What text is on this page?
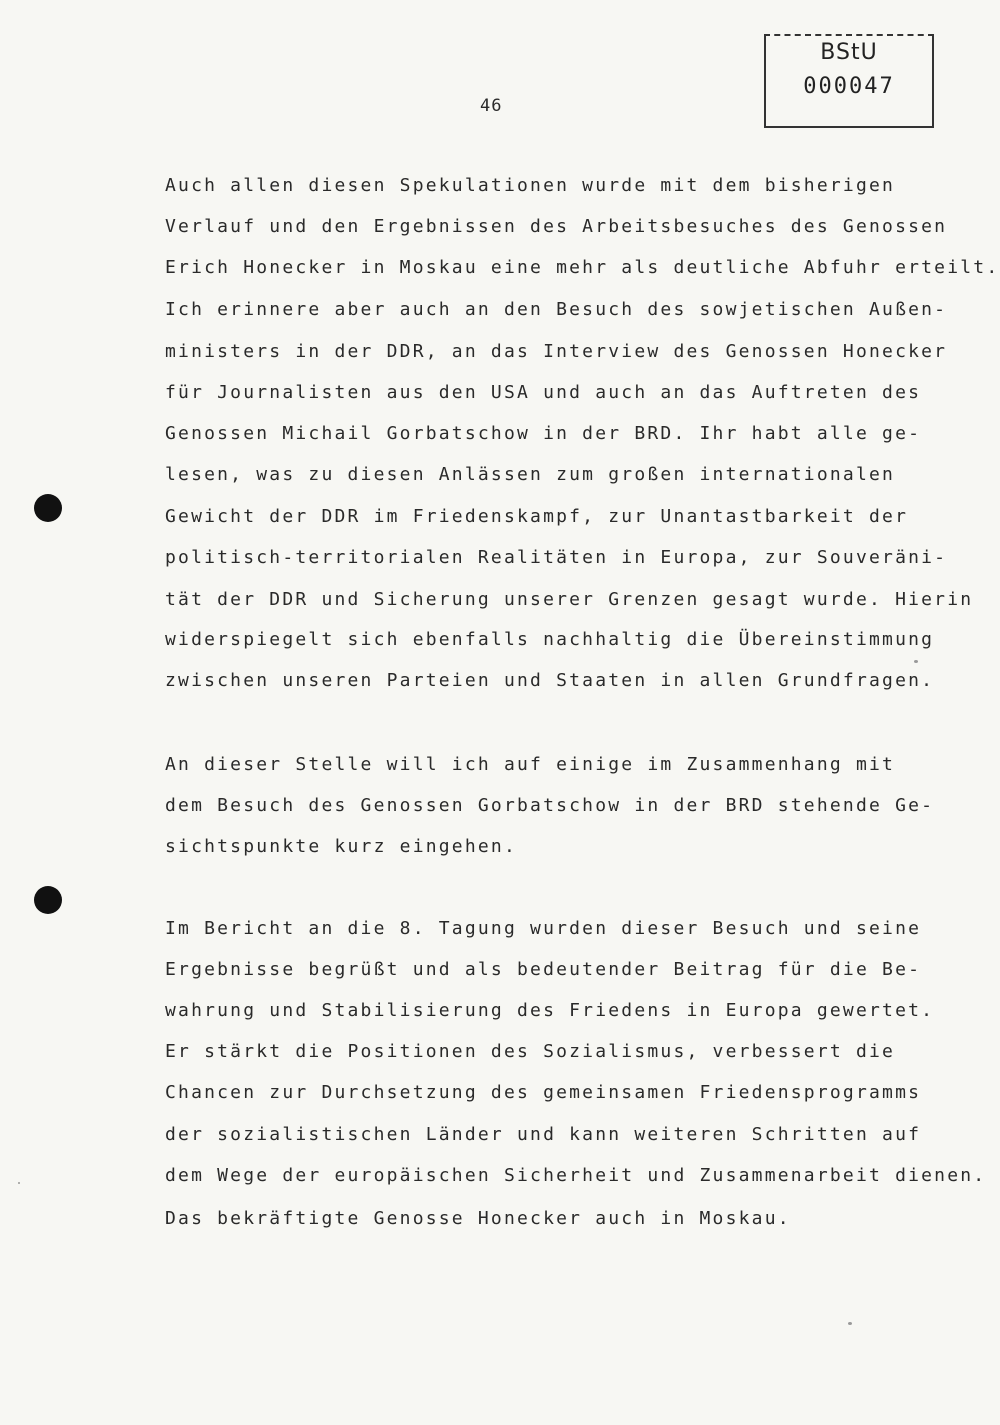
BStU
000047
46
Auch allen diesen Spekulationen wurde mit dem bisherigen
Verlauf und den Ergebnissen des Arbeitsbesuches des Genossen
Erich Honecker in Moskau eine mehr als deutliche Abfuhr erteilt.
Ich erinnere aber auch an den Besuch des sowjetischen Außen-
ministers in der DDR, an das Interview des Genossen Honecker
für Journalisten aus den USA und auch an das Auftreten des
Genossen Michail Gorbatschow in der BRD. Ihr habt alle ge-
lesen, was zu diesen Anlässen zum großen internationalen
Gewicht der DDR im Friedenskampf, zur Unantastbarkeit der
politisch-territorialen Realitäten in Europa, zur Souveräni-
tät der DDR und Sicherung unserer Grenzen gesagt wurde. Hierin
widerspiegelt sich ebenfalls nachhaltig die Übereinstimmung
zwischen unseren Parteien und Staaten in allen Grundfragen.
An dieser Stelle will ich auf einige im Zusammenhang mit
dem Besuch des Genossen Gorbatschow in der BRD stehende Ge-
sichtspunkte kurz eingehen.
Im Bericht an die 8. Tagung wurden dieser Besuch und seine
Ergebnisse begrüßt und als bedeutender Beitrag für die Be-
wahrung und Stabilisierung des Friedens in Europa gewertet.
Er stärkt die Positionen des Sozialismus, verbessert die
Chancen zur Durchsetzung des gemeinsamen Friedensprogramms
der sozialistischen Länder und kann weiteren Schritten auf
dem Wege der europäischen Sicherheit und Zusammenarbeit dienen.
Das bekräftigte Genosse Honecker auch in Moskau.
